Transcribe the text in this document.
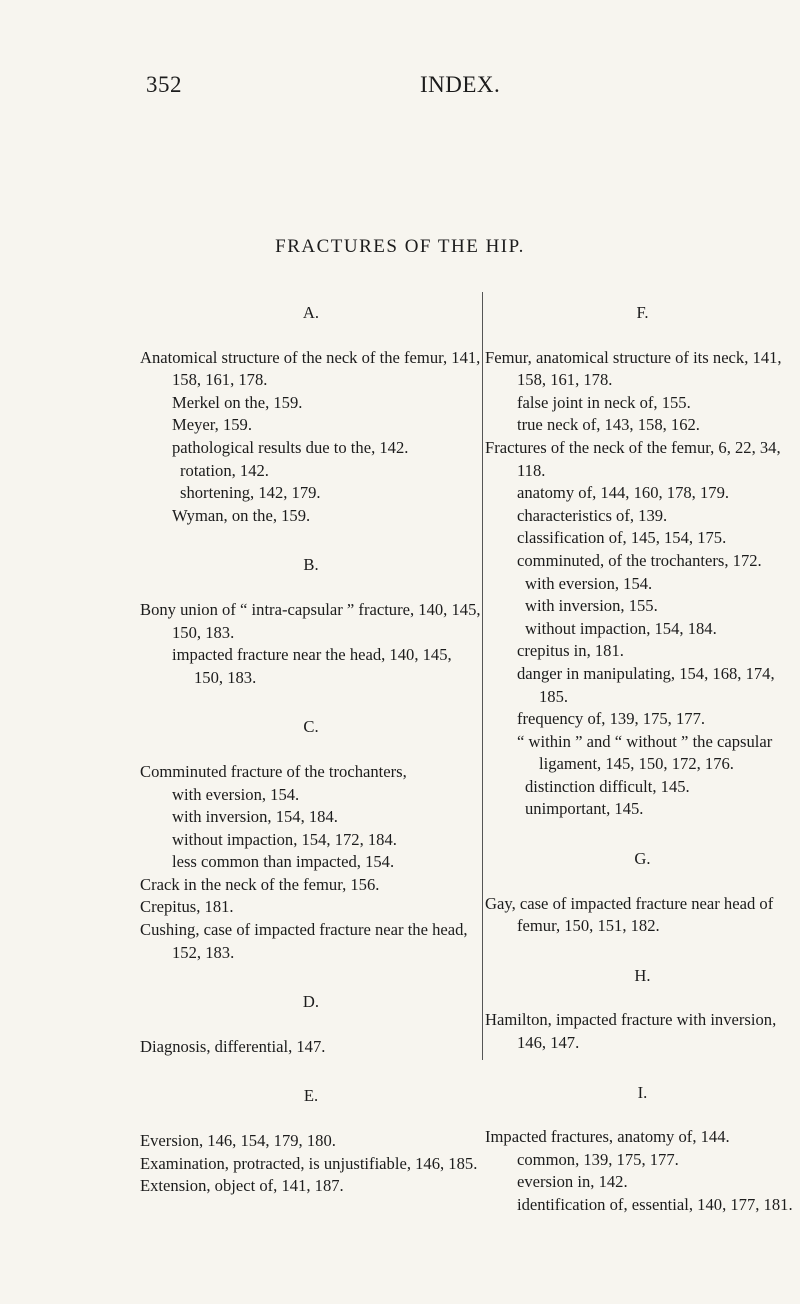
352	INDEX.
FRACTURES OF THE HIP.

A.

Anatomical structure of the neck of the femur, 141, 158, 161, 178.

Merkel on the, 159.

Meyer, 159.

pathological results due to the, 142.

rotation, 142.

shortening, 142, 179.

Wyman, on the, 159.

B.

Bony union of “ intra-capsular ” fracture, 140, 145, 150, 183.

impacted fracture near the head, 140, 145, 150, 183.

C.

Comminuted fracture of the trochanters,

with eversion, 154.

with inversion, 154, 184.

without impaction, 154, 172, 184.

less common than impacted, 154.

Crack in the neck of the femur, 156.

Crepitus, 181.

Cushing, case of impacted fracture near the head, 152, 183.

D.

Diagnosis, differential, 147.

E.

Eversion, 146, 154, 179, 180.

Examination, protracted, is unjustifiable, 146, 185.

Extension, object of, 141, 187.

F.

Femur, anatomical structure of its neck, 141, 158, 161, 178.

false joint in neck of, 155.

true neck of, 143, 158, 162.

Fractures of the neck of the femur, 6, 22, 34, 118.

anatomy of, 144, 160, 178, 179.

characteristics of, 139.

classification of, 145, 154, 175.

comminuted, of the trochanters, 172.

with eversion, 154.

with inversion, 155.

without impaction, 154, 184.

crepitus in, 181.

danger in manipulating, 154, 168, 174, 185.

frequency of, 139, 175, 177.

“ within ” and “ without ” the capsular ligament, 145, 150, 172, 176.

distinction difficult, 145.

unimportant, 145.

G.

Gay, case of impacted fracture near head of femur, 150, 151, 182.

H.

Hamilton, impacted fracture with inversion, 146, 147.

I.

Impacted fractures, anatomy of, 144.

common, 139, 175, 177.

eversion in, 142.

identification of, essential, 140, 177, 181.
